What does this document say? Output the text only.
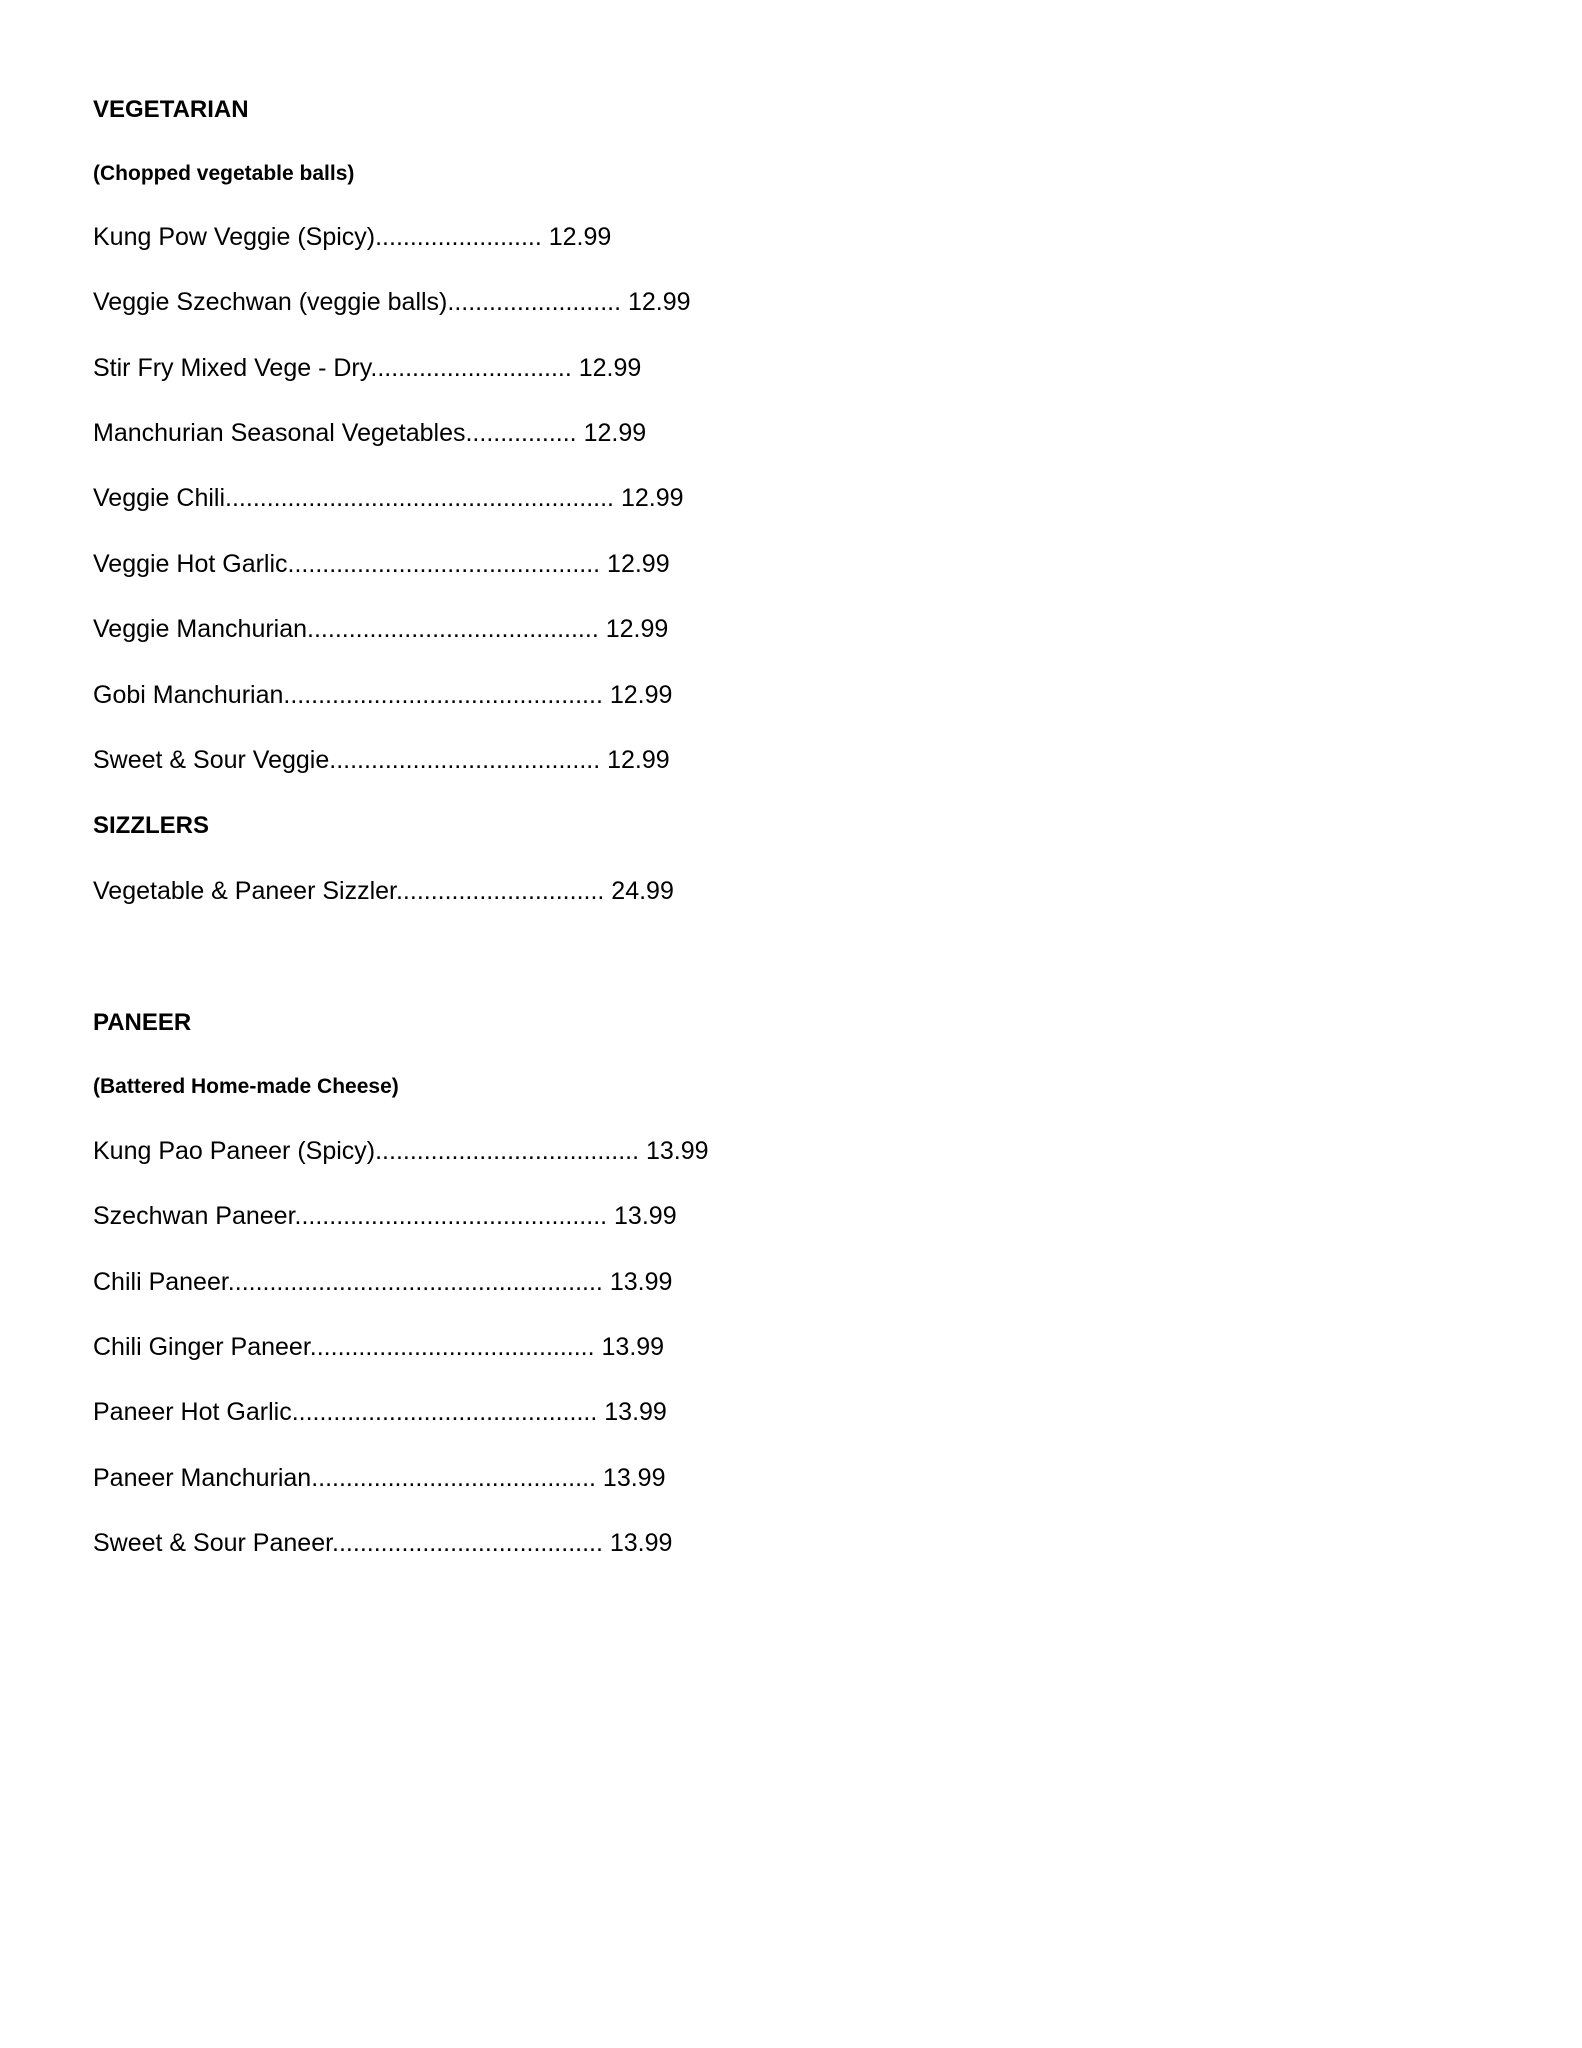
VEGETARIAN
(Chopped vegetable balls)
Kung Pow Veggie (Spicy)........................ 12.99
Veggie Szechwan (veggie balls)......................... 12.99
Stir Fry Mixed Vege - Dry............................. 12.99
Manchurian Seasonal Vegetables................ 12.99
Veggie Chili........................................................ 12.99
Veggie Hot Garlic............................................. 12.99
Veggie Manchurian.......................................... 12.99
Gobi Manchurian.............................................. 12.99
Sweet & Sour Veggie....................................... 12.99
SIZZLERS
Vegetable & Paneer Sizzler.............................. 24.99
PANEER
(Battered Home-made Cheese)
Kung Pao Paneer (Spicy)...................................... 13.99
Szechwan Paneer............................................. 13.99
Chili Paneer...................................................... 13.99
Chili Ginger Paneer......................................... 13.99
Paneer Hot Garlic............................................ 13.99
Paneer Manchurian......................................... 13.99
Sweet & Sour Paneer....................................... 13.99
